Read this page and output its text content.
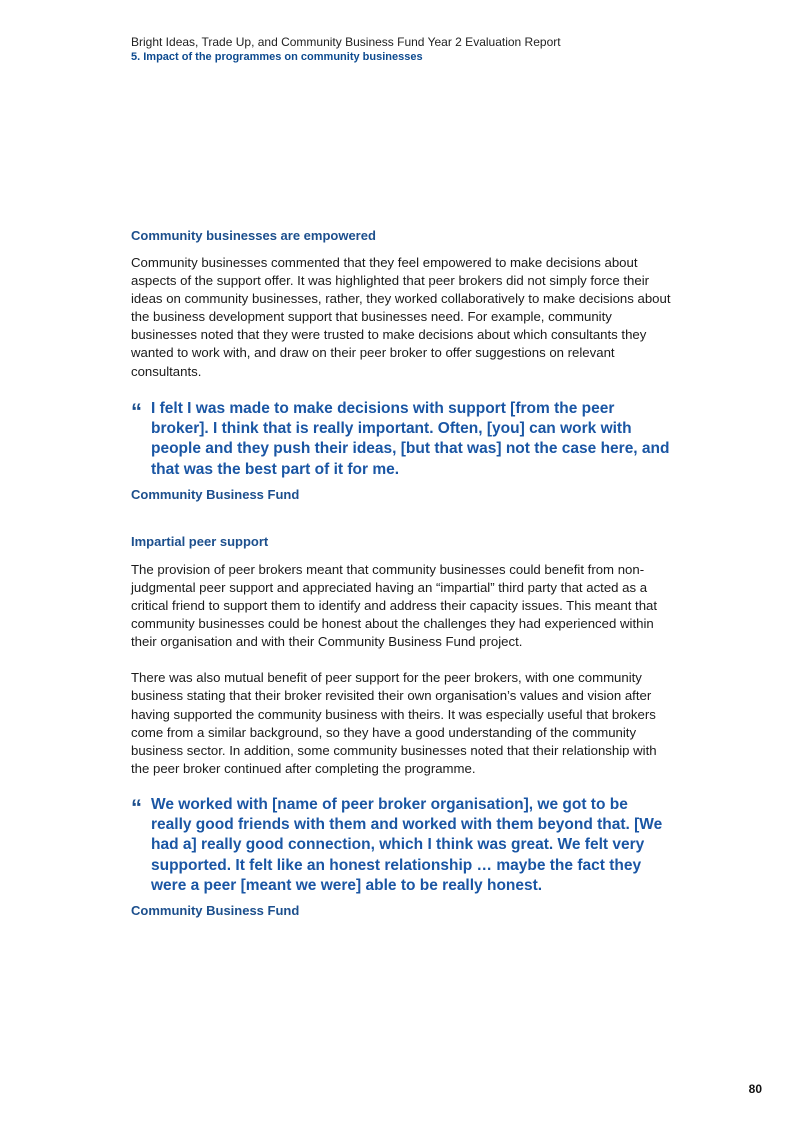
Bright Ideas, Trade Up, and Community Business Fund Year 2 Evaluation Report
5. Impact of the programmes on community businesses
Community businesses are empowered

Community businesses commented that they feel empowered to make decisions about aspects of the support offer. It was highlighted that peer brokers did not simply force their ideas on community businesses, rather, they worked collaboratively to make decisions about the business development support that businesses need. For example, community businesses noted that they were trusted to make decisions about which consultants they wanted to work with, and draw on their peer broker to offer suggestions on relevant consultants.

“ I felt I was made to make decisions with support [from the peer broker]. I think that is really important. Often, [you] can work with people and they push their ideas, [but that was] not the case here, and that was the best part of it for me.

Community Business Fund

Impartial peer support

The provision of peer brokers meant that community businesses could benefit from non-judgmental peer support and appreciated having an “impartial” third party that acted as a critical friend to support them to identify and address their capacity issues. This meant that community businesses could be honest about the challenges they had experienced within their organisation and with their Community Business Fund project.

There was also mutual benefit of peer support for the peer brokers, with one community business stating that their broker revisited their own organisation’s values and vision after having supported the community business with theirs. It was especially useful that brokers come from a similar background, so they have a good understanding of the community business sector. In addition, some community businesses noted that their relationship with the peer broker continued after completing the programme.

“ We worked with [name of peer broker organisation], we got to be really good friends with them and worked with them beyond that. [We had a] really good connection, which I think was great. We felt very supported. It felt like an honest relationship … maybe the fact they were a peer [meant we were] able to be really honest.

Community Business Fund

80
